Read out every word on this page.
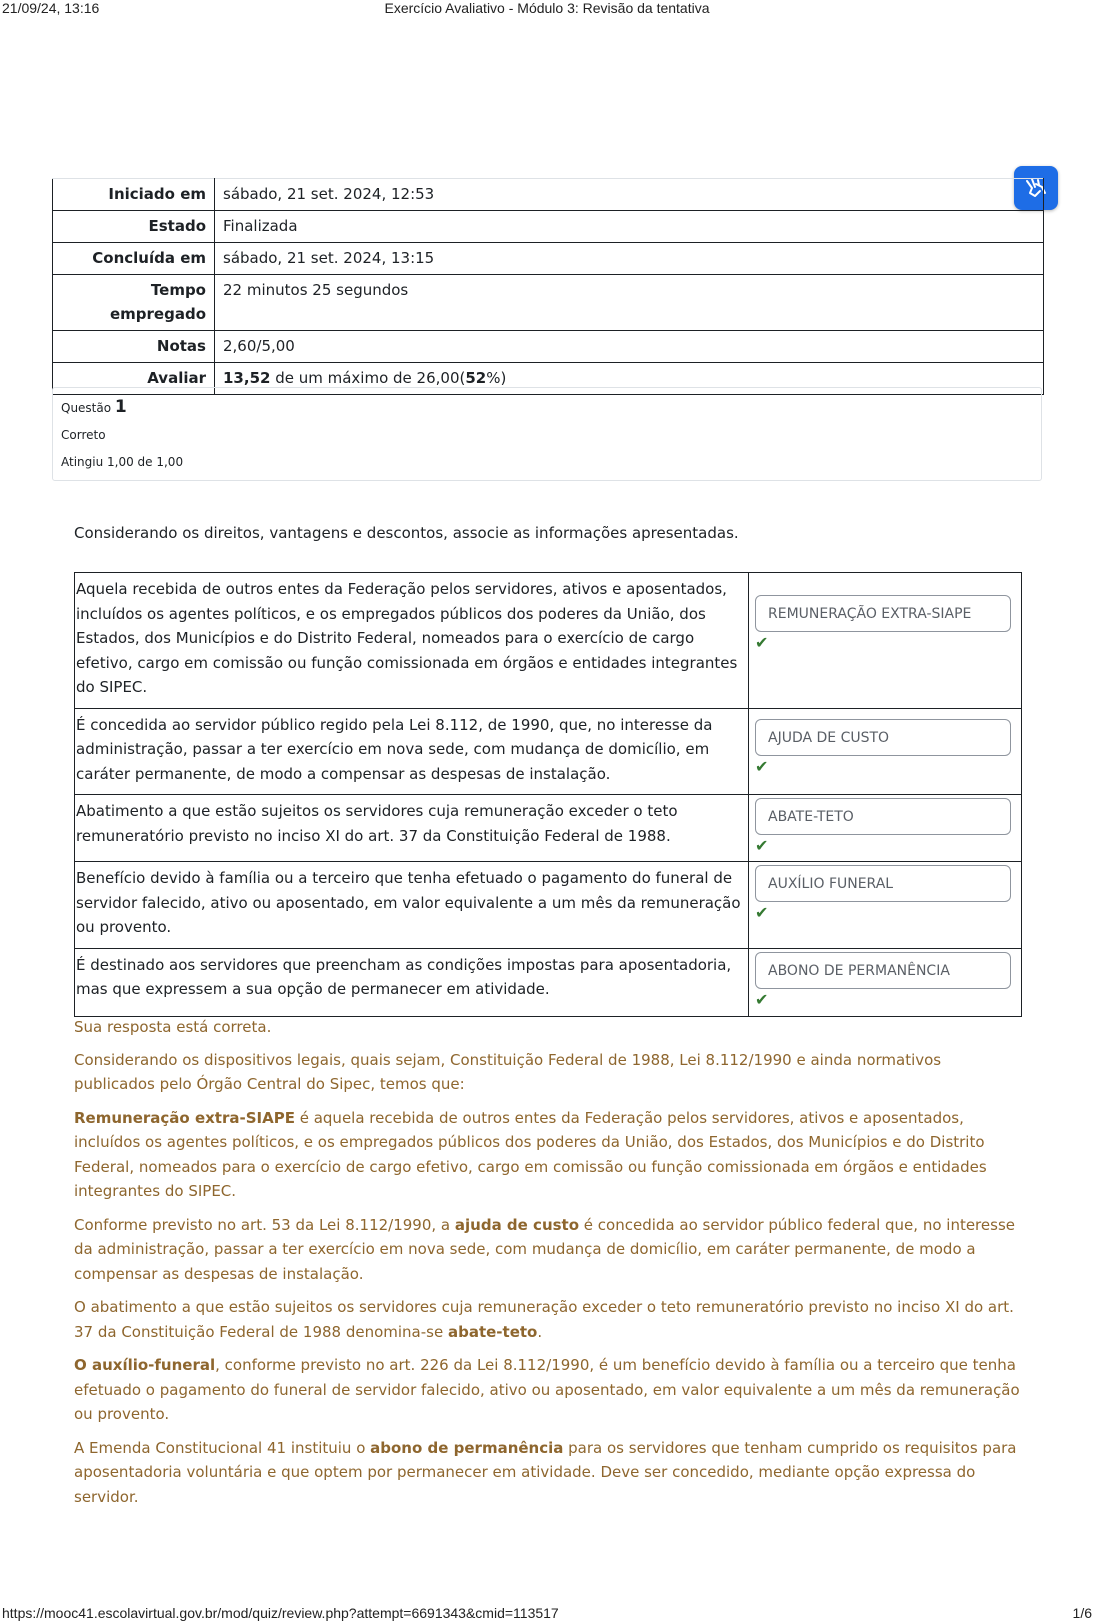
21/09/24, 13:16	Exercício Avaliativo - Módulo 3: Revisão da tentativa
Iniciado em	sábado, 21 set. 2024, 12:53
Estado	Finalizada
Concluída em	sábado, 21 set. 2024, 13:15
Tempo empregado	22 minutos 25 segundos
Notas	2,60/5,00
Avaliar	13,52 de um máximo de 26,00(52%)
Questão 1
Correto
Atingiu 1,00 de 1,00
Considerando os direitos, vantagens e descontos, associe as informações apresentadas.
Aquela recebida de outros entes da Federação pelos servidores, ativos e aposentados, incluídos os agentes políticos, e os empregados públicos dos poderes da União, dos Estados, dos Municípios e do Distrito Federal, nomeados para o exercício de cargo efetivo, cargo em comissão ou função comissionada em órgãos e entidades integrantes do SIPEC.	REMUNERAÇÃO EXTRA-SIAPE
✔

É concedida ao servidor público regido pela Lei 8.112, de 1990, que, no interesse da administração, passar a ter exercício em nova sede, com mudança de domicílio, em caráter permanente, de modo a compensar as despesas de instalação.	AJUDA DE CUSTO
✔

Abatimento a que estão sujeitos os servidores cuja remuneração exceder o teto remuneratório previsto no inciso XI do art. 37 da Constituição Federal de 1988.	ABATE-TETO
✔

Benefício devido à família ou a terceiro que tenha efetuado o pagamento do funeral de servidor falecido, ativo ou aposentado, em valor equivalente a um mês da remuneração ou provento.	AUXÍLIO FUNERAL
✔

É destinado aos servidores que preencham as condições impostas para aposentadoria, mas que expressem a sua opção de permanecer em atividade.	ABONO DE PERMANÊNCIA
✔

Sua resposta está correta.

Considerando os dispositivos legais, quais sejam, Constituição Federal de 1988, Lei 8.112/1990 e ainda normativos publicados pelo Órgão Central do Sipec, temos que:

Remuneração extra-SIAPE é aquela recebida de outros entes da Federação pelos servidores, ativos e aposentados, incluídos os agentes políticos, e os empregados públicos dos poderes da União, dos Estados, dos Municípios e do Distrito Federal, nomeados para o exercício de cargo efetivo, cargo em comissão ou função comissionada em órgãos e entidades integrantes do SIPEC.

Conforme previsto no art. 53 da Lei 8.112/1990, a ajuda de custo é concedida ao servidor público federal que, no interesse da administração, passar a ter exercício em nova sede, com mudança de domicílio, em caráter permanente, de modo a compensar as despesas de instalação.

O abatimento a que estão sujeitos os servidores cuja remuneração exceder o teto remuneratório previsto no inciso XI do art. 37 da Constituição Federal de 1988 denomina-se abate-teto.

O auxílio-funeral, conforme previsto no art. 226 da Lei 8.112/1990, é um benefício devido à família ou a terceiro que tenha efetuado o pagamento do funeral de servidor falecido, ativo ou aposentado, em valor equivalente a um mês da remuneração ou provento.

A Emenda Constitucional 41 instituiu o abono de permanência para os servidores que tenham cumprido os requisitos para aposentadoria voluntária e que optem por permanecer em atividade. Deve ser concedido, mediante opção expressa do servidor.

https://mooc41.escolavirtual.gov.br/mod/quiz/review.php?attempt=6691343&cmid=113517	1/6
